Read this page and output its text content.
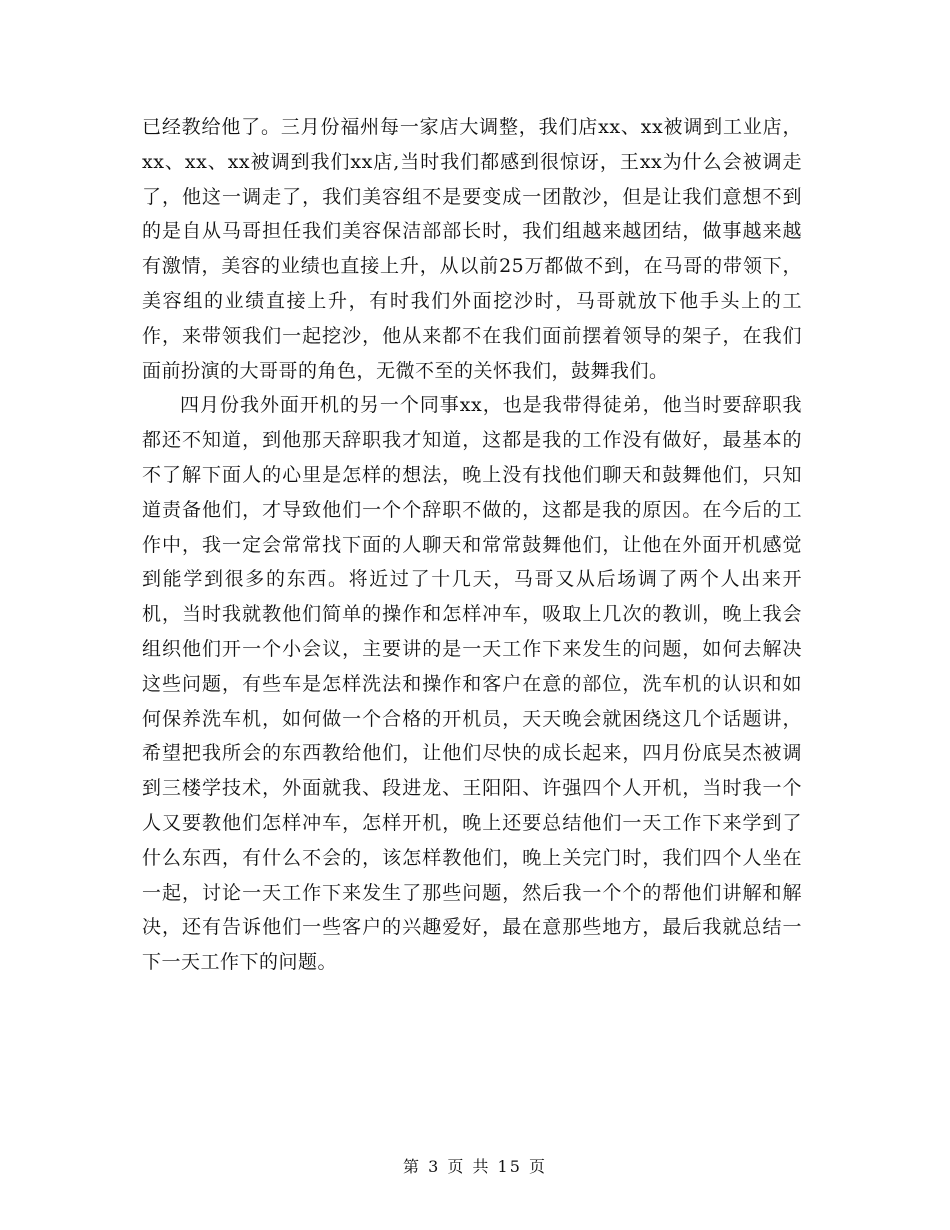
已经教给他了。三月份福州每一家店大调整，我们店xx、xx被调到工业店，xx、xx、xx被调到我们xx店,当时我们都感到很惊讶，王xx为什么会被调走了，他这一调走了，我们美容组不是要变成一团散沙，但是让我们意想不到的是自从马哥担任我们美容保洁部部长时，我们组越来越团结，做事越来越有激情，美容的业绩也直接上升，从以前25万都做不到，在马哥的带领下，美容组的业绩直接上升，有时我们外面挖沙时，马哥就放下他手头上的工作，来带领我们一起挖沙，他从来都不在我们面前摆着领导的架子，在我们面前扮演的大哥哥的角色，无微不至的关怀我们，鼓舞我们。

四月份我外面开机的另一个同事xx，也是我带得徒弟，他当时要辞职我都还不知道，到他那天辞职我才知道，这都是我的工作没有做好，最基本的不了解下面人的心里是怎样的想法，晚上没有找他们聊天和鼓舞他们，只知道责备他们，才导致他们一个个辞职不做的，这都是我的原因。在今后的工作中，我一定会常常找下面的人聊天和常常鼓舞他们，让他在外面开机感觉到能学到很多的东西。将近过了十几天，马哥又从后场调了两个人出来开机，当时我就教他们简单的操作和怎样冲车，吸取上几次的教训，晚上我会组织他们开一个小会议，主要讲的是一天工作下来发生的问题，如何去解决这些问题，有些车是怎样洗法和操作和客户在意的部位，洗车机的认识和如何保养洗车机，如何做一个合格的开机员，天天晚会就困绕这几个话题讲，希望把我所会的东西教给他们，让他们尽快的成长起来，四月份底吴杰被调到三楼学技术，外面就我、段进龙、王阳阳、许强四个人开机，当时我一个人又要教他们怎样冲车，怎样开机，晚上还要总结他们一天工作下来学到了什么东西，有什么不会的，该怎样教他们，晚上关完门时，我们四个人坐在一起，讨论一天工作下来发生了那些问题，然后我一个个的帮他们讲解和解决，还有告诉他们一些客户的兴趣爱好，最在意那些地方，最后我就总结一下一天工作下的问题。

第 3 页 共 15 页
